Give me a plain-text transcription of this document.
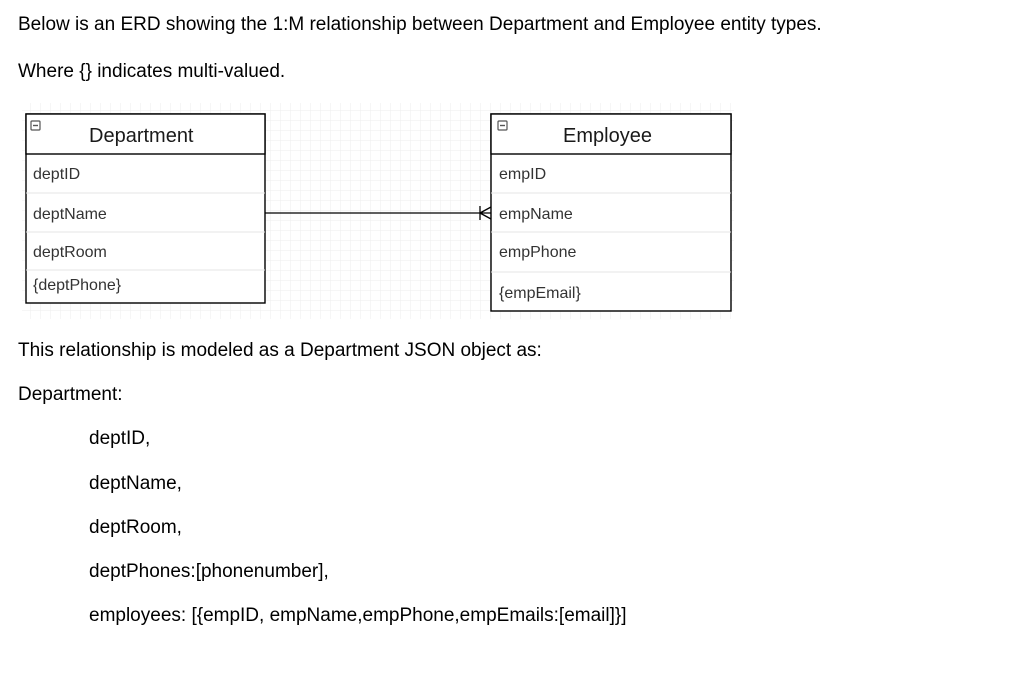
Below is an ERD showing the 1:M relationship between Department and Employee entity types.
Where {} indicates multi-valued.
Department
deptID
deptName
deptRoom
{deptPhone}
Employee
empID
empName
empPhone
{empEmail}
This relationship is modeled as a Department JSON object as:
Department:
deptID,
deptName,
deptRoom,
deptPhones:[phonenumber],
employees: [{empID, empName,empPhone,empEmails:[email]}]
